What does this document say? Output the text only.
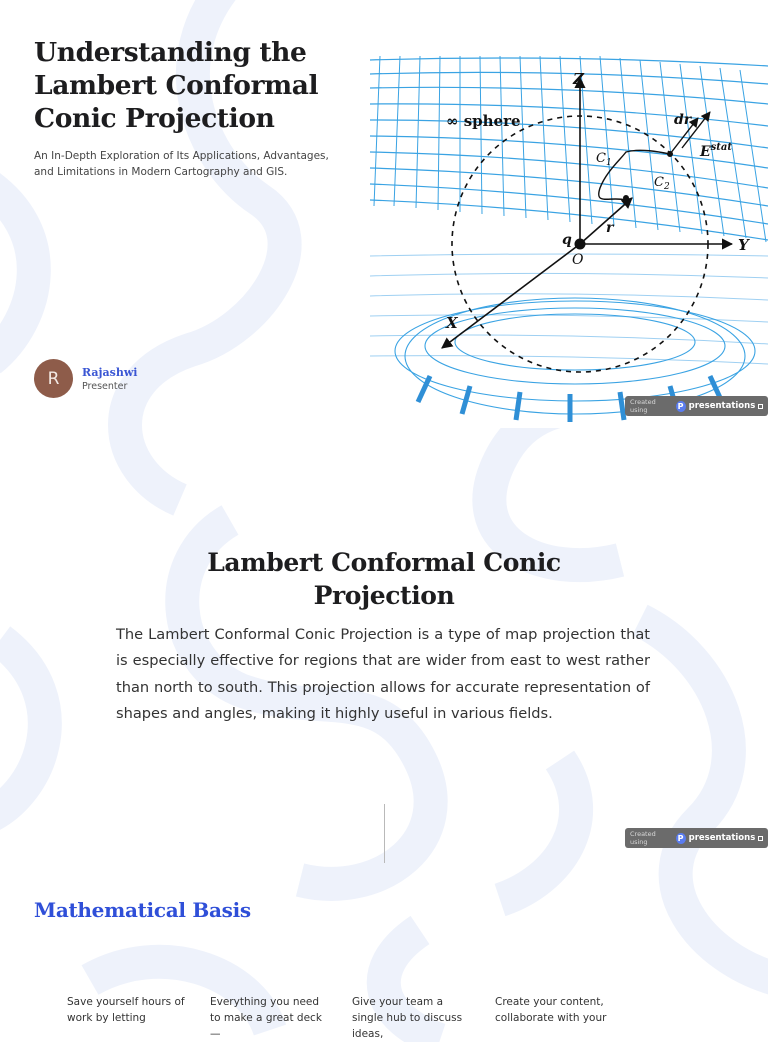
Understanding the Lambert Conformal Conic Projection

An In-Depth Exploration of Its Applications, Advantages, and Limitations in Modern Cartography and GIS.

R	Rajashwi
Presenter
Z
Y
X
O
q
r
$C_1$
$C_2$
dr
$E^{stat}$
∞ sphere
Created using	P presentations
Lambert Conformal Conic Projection

The Lambert Conformal Conic Projection is a type of map projection that is especially effective for regions that are wider from east to west rather than north to south. This projection allows for accurate representation of shapes and angles, making it highly useful in various fields.

Created using	P presentations
Mathematical Basis

Save yourself hours of work by letting

Everything you need to make a great deck —

Give your team a single hub to discuss ideas,

Create your content, collaborate with your
